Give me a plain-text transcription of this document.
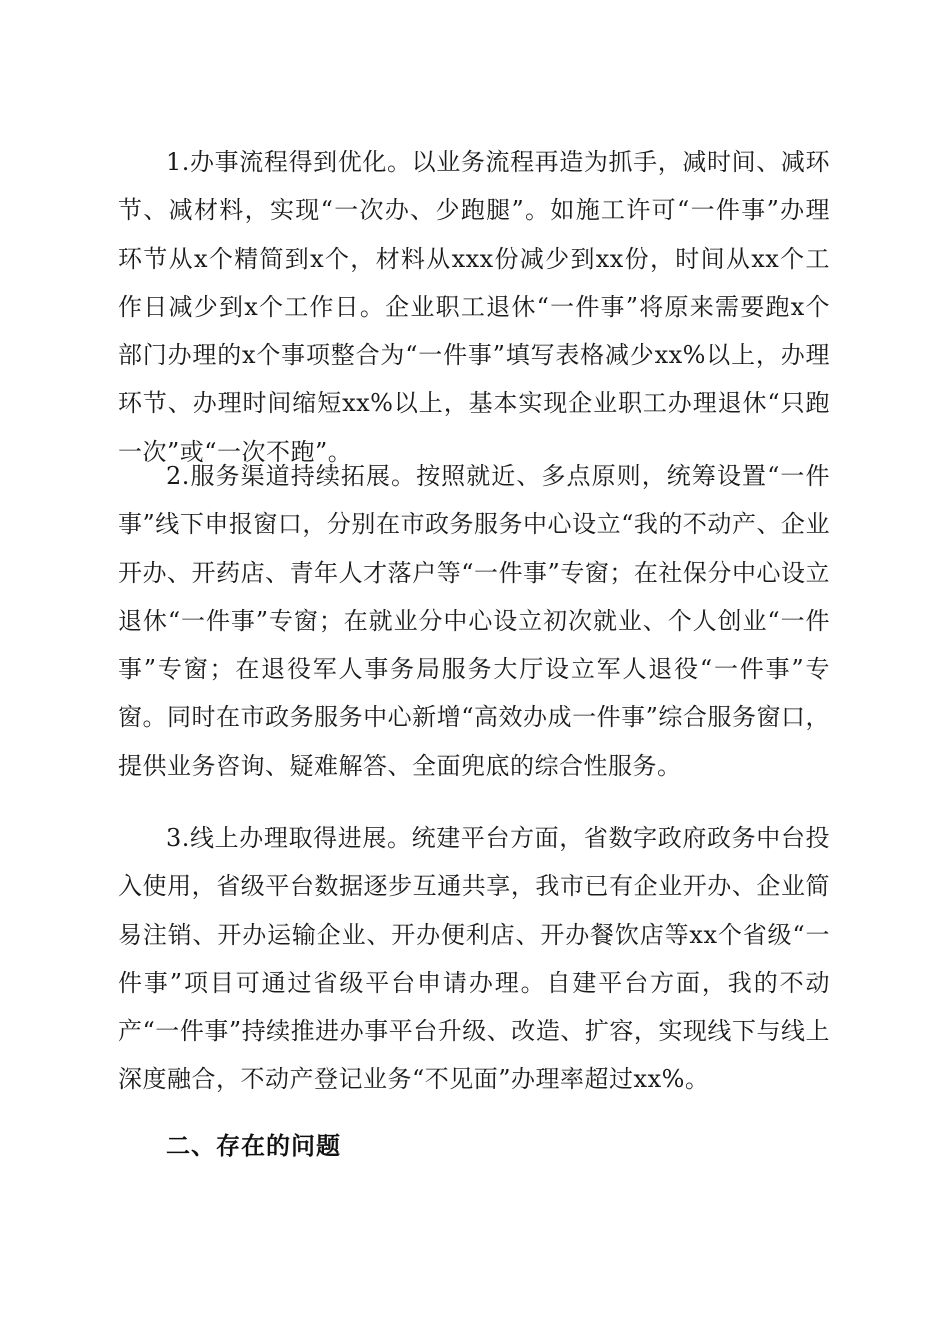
1.办事流程得到优化。以业务流程再造为抓手，减时间、减环节、减材料，实现“一次办、少跑腿”。如施工许可“一件事”办理环节从x个精简到x个，材料从xxx份减少到xx份，时间从xx个工作日减少到x个工作日。企业职工退休“一件事”将原来需要跑x个部门办理的x个事项整合为“一件事”填写表格减少xx%以上，办理环节、办理时间缩短xx%以上，基本实现企业职工办理退休“只跑一次”或“一次不跑”。

2.服务渠道持续拓展。按照就近、多点原则，统筹设置“一件事”线下申报窗口，分别在市政务服务中心设立“我的不动产、企业开办、开药店、青年人才落户等“一件事”专窗；在社保分中心设立退休“一件事”专窗；在就业分中心设立初次就业、个人创业“一件事”专窗；在退役军人事务局服务大厅设立军人退役“一件事”专窗。同时在市政务服务中心新增“高效办成一件事”综合服务窗口，提供业务咨询、疑难解答、全面兜底的综合性服务。

3.线上办理取得进展。统建平台方面，省数字政府政务中台投入使用，省级平台数据逐步互通共享，我市已有企业开办、企业简易注销、开办运输企业、开办便利店、开办餐饮店等xx个省级“一件事”项目可通过省级平台申请办理。自建平台方面，我的不动产“一件事”持续推进办事平台升级、改造、扩容，实现线下与线上深度融合，不动产登记业务“不见面”办理率超过xx%。

二、存在的问题
